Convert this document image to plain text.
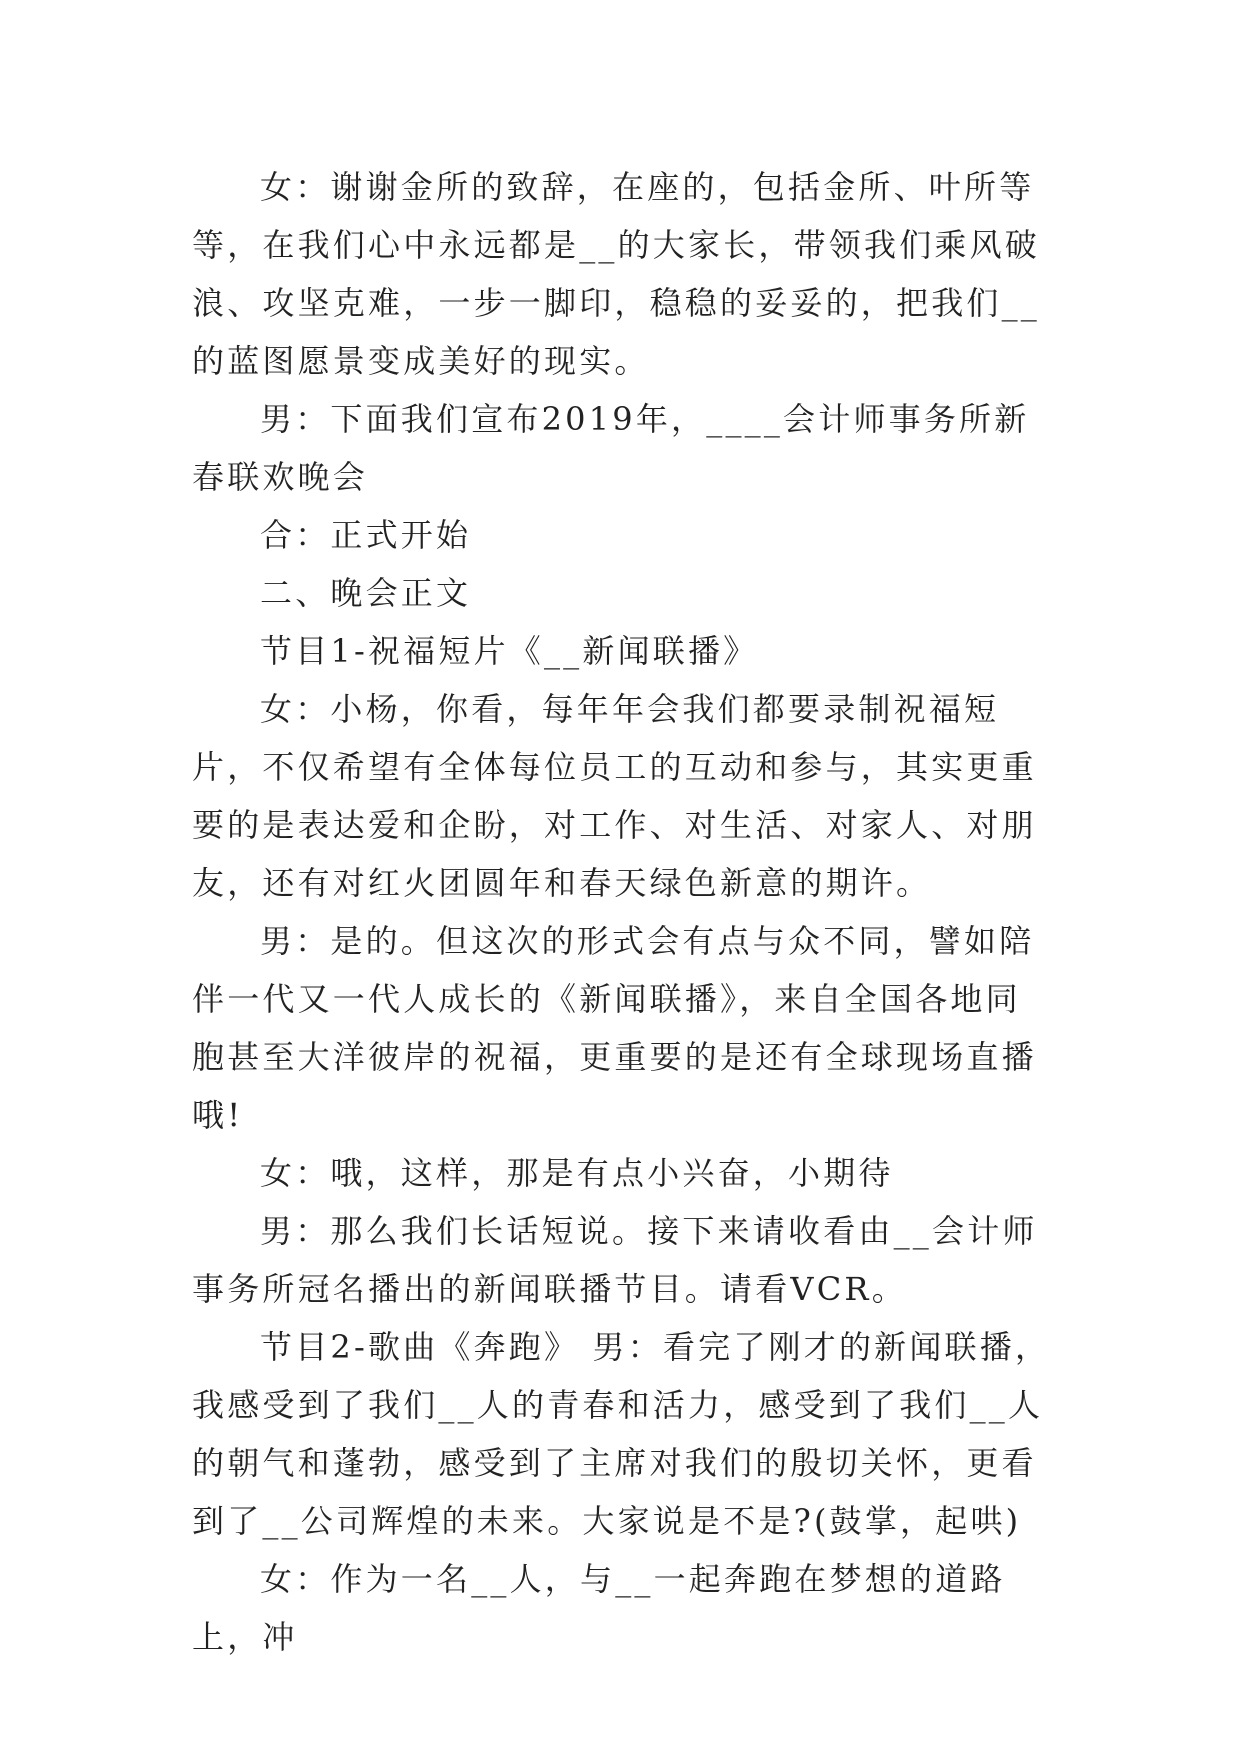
女：谢谢金所的致辞，在座的，包括金所、叶所等等，在我们心中永远都是__的大家长，带领我们乘风破浪、攻坚克难，一步一脚印，稳稳的妥妥的，把我们__的蓝图愿景变成美好的现实。

男：下面我们宣布2019年，____会计师事务所新春联欢晚会

合：正式开始

二、晚会正文

节目1-祝福短片《__新闻联播》

女：小杨，你看，每年年会我们都要录制祝福短片，不仅希望有全体每位员工的互动和参与，其实更重要的是表达爱和企盼，对工作、对生活、对家人、对朋友，还有对红火团圆年和春天绿色新意的期许。

男：是的。但这次的形式会有点与众不同，譬如陪伴一代又一代人成长的《新闻联播》，来自全国各地同胞甚至大洋彼岸的祝福，更重要的是还有全球现场直播哦!

女：哦，这样，那是有点小兴奋，小期待

男：那么我们长话短说。接下来请收看由__会计师事务所冠名播出的新闻联播节目。请看VCR。

节目2-歌曲《奔跑》 男：看完了刚才的新闻联播，我感受到了我们__人的青春和活力，感受到了我们__人的朝气和蓬勃，感受到了主席对我们的殷切关怀，更看到了__公司辉煌的未来。大家说是不是?(鼓掌，起哄)

女：作为一名__人，与__一起奔跑在梦想的道路上，冲
